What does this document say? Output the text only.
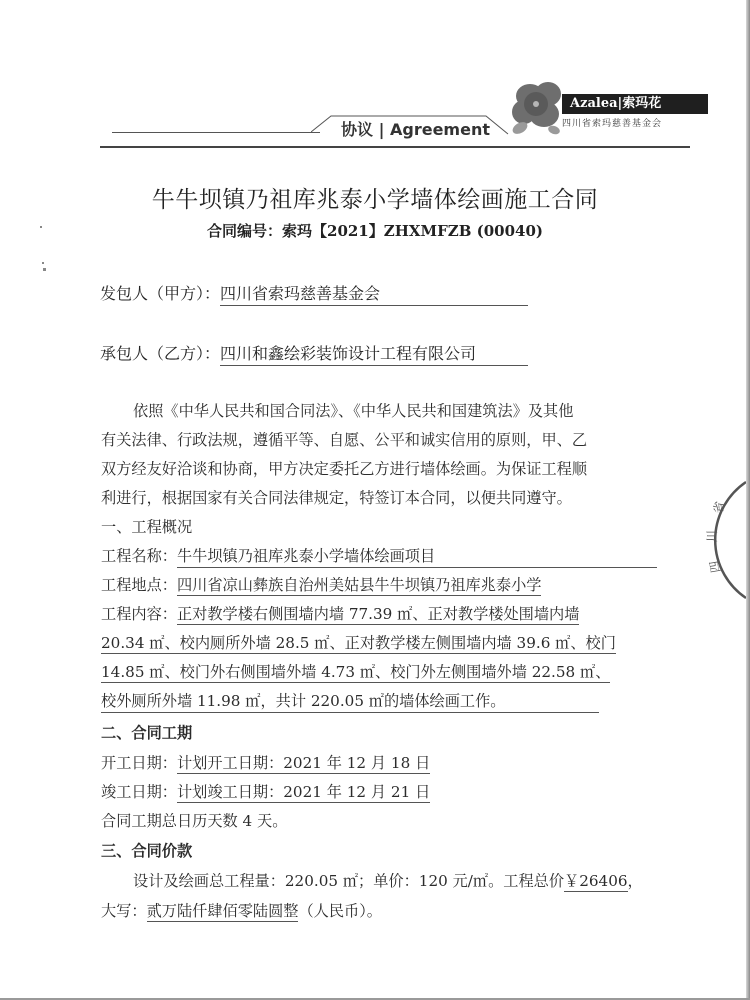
协议 | Agreement
Azalea|索玛花
四川省索玛慈善基金会
牛牛坝镇乃祖库兆泰小学墙体绘画施工合同
合同编号：索玛【2021】ZHXMFZB (00040)
发包人（甲方）：四川省索玛慈善基金会
承包人（乙方）：四川和鑫绘彩装饰设计工程有限公司
依照《中华人民共和国合同法》、《中华人民共和国建筑法》及其他
有关法律、行政法规，遵循平等、自愿、公平和诚实信用的原则，甲、乙
双方经友好洽谈和协商，甲方决定委托乙方进行墙体绘画。为保证工程顺
利进行，根据国家有关合同法律规定，特签订本合同，以便共同遵守。
一、工程概况
工程名称：牛牛坝镇乃祖库兆泰小学墙体绘画项目
工程地点：四川省凉山彝族自治州美姑县牛牛坝镇乃祖库兆泰小学
工程内容：正对教学楼右侧围墙内墙 77.39 ㎡、正对教学楼处围墙内墙
20.34 ㎡、校内厕所外墙 28.5 ㎡、正对教学楼左侧围墙内墙 39.6 ㎡、校门
14.85 ㎡、校门外右侧围墙外墙 4.73 ㎡、校门外左侧围墙外墙 22.58 ㎡、
校外厕所外墙 11.98 ㎡，共计 220.05 ㎡的墙体绘画工作。
二、合同工期
开工日期：计划开工日期：2021 年 12 月 18 日
竣工日期：计划竣工日期：2021 年 12 月 21 日
合同工期总日历天数 4 天。
三、合同价款
设计及绘画总工程量：220.05 ㎡；单价：120 元/㎡。工程总价￥26406，
大写：贰万陆仟肆佰零陆圆整（人民币）。
省
川
四
